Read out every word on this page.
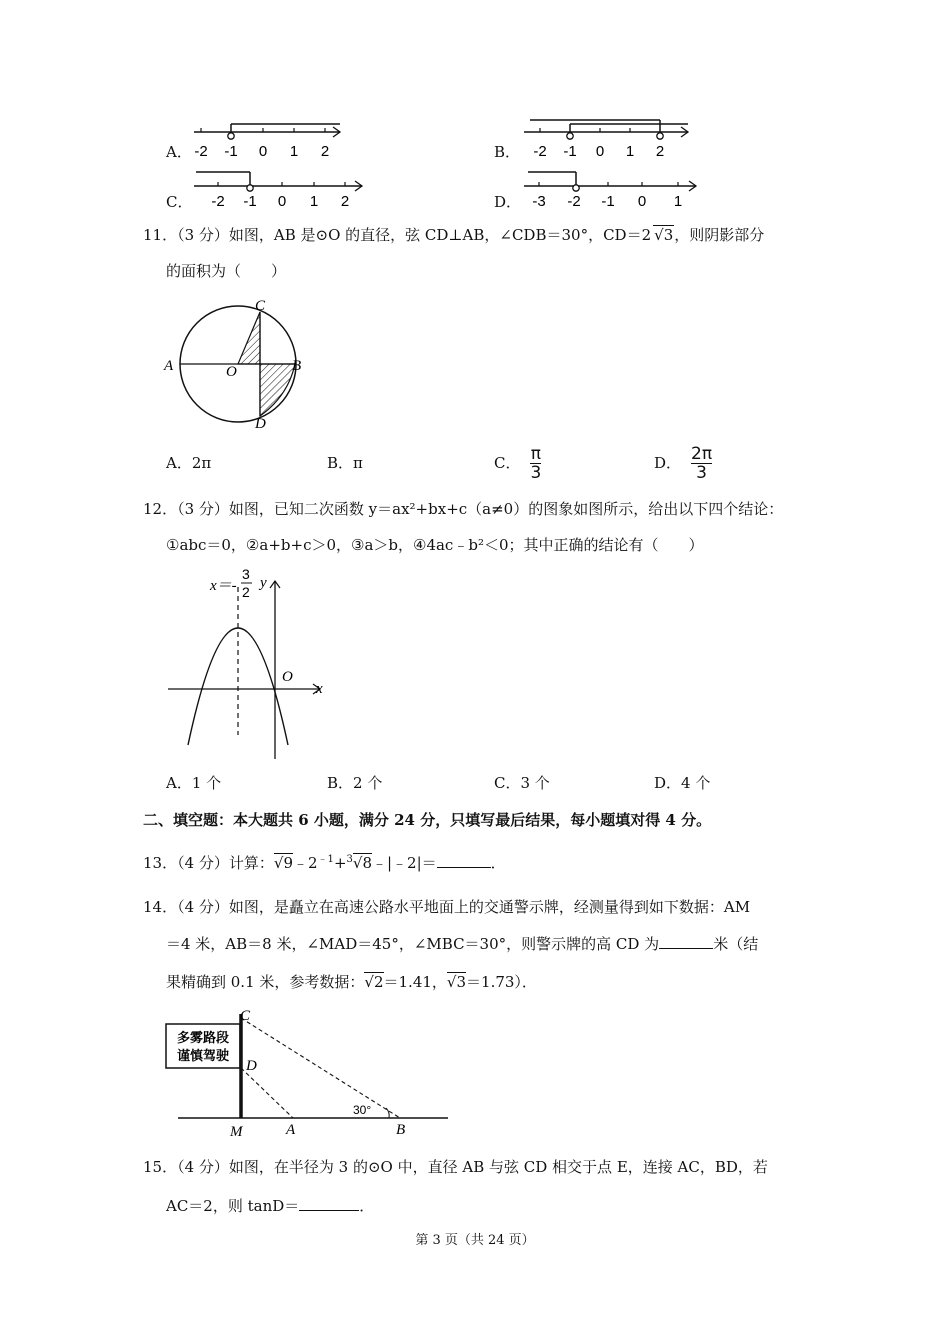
A． -2 -1 0 1 2	B． -2 -1 0 1 2
C． -2 -1 0 1 2	D． -3 -2 -1 0 1
11．（3 分）如图，AB 是⊙O 的直径，弦 CD⊥AB，∠CDB＝30°，CD＝2 √3，则阴影部分
的面积为（　　）
C
A	O	B
D
A．2π	B．π	C． $\frac{\pi}{3}$	D． $\frac{2\pi}{3}$
12．（3 分）如图，已知二次函数 y＝ax²+bx+c（a≠0）的图象如图所示，给出以下四个结论：
①abc＝0，②a+b+c＞0，③a＞b，④4ac﹣b²＜0；其中正确的结论有（　　）
x＝-
3
2
y
O
x
A．1 个	B．2 个	C．3 个	D．4 个
二、填空题：本大题共 6 小题，满分 24 分，只填写最后结果，每小题填对得 4 分。
13．（4 分）计算：$√9﹣2^{﹣1}+^3√8﹣|﹣2|=$	．
14．（4 分）如图，是矗立在高速公路水平地面上的交通警示牌，经测量得到如下数据：AM
＝4 米，AB＝8 米，∠MAD＝45°，∠MBC＝30°，则警示牌的高 CD 为	米（结
果精确到 0.1 米，参考数据：√2＝1.41，√3＝1.73）．
多雾路段
谨慎驾驶
30°
C
D
M	A	B
15．（4 分）如图，在半径为 3 的⊙O 中，直径 AB 与弦 CD 相交于点 E，连接 AC，BD，若
AC＝2，则 tanD＝	．
第 3 页（共 24 页）
